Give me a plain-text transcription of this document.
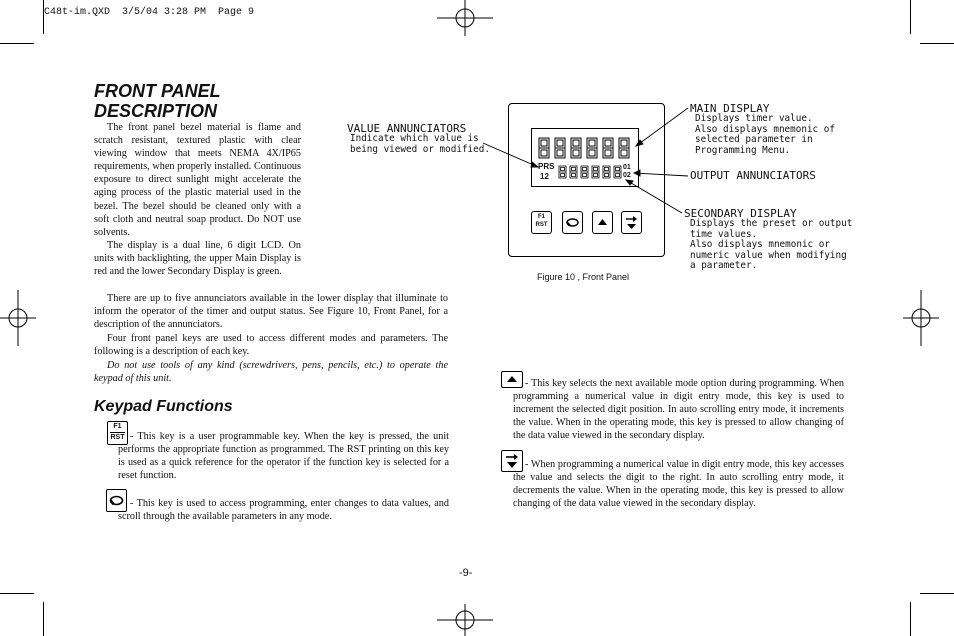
C48t-im.QXD  3/5/04 3:28 PM  Page 9
FRONT PANEL
DESCRIPTION

The front panel bezel material is flame and scratch resistant, textured plastic with clear viewing window that meets NEMA 4X/IP65 requirements, when properly installed. Continuous exposure to direct sunlight might accelerate the aging process of the plastic material used in the bezel. The bezel should be cleaned only with a soft cloth and neutral soap product. Do NOT use solvents.

The display is a dual line, 6 digit LCD. On units with backlighting, the upper Main Display is red and the lower Secondary Display is green.

There are up to five annunciators available in the lower display that illuminate to inform the operator of the timer and output status. See Figure 10, Front Panel, for a description of the annunciators.

Four front panel keys are used to access different modes and parameters. The following is a description of each key.

Do not use tools of any kind (screwdrivers, pens, pencils, etc.) to operate the keypad of this unit.

Keypad Functions
F1
RST - This key is a user programmable key. When the key is pressed, the unit performs the appropriate function as programmed. The RST printing on this key is used as a quick reference for the operator if the function key is selected for a reset function.

- This key is used to access programming, enter changes to data values, and scroll through the available parameters in any mode.

- This key selects the next available mode option during programming. When programming a numerical value in digit entry mode, this key is used to increment the selected digit position. In auto scrolling entry mode, it increments the value. When in the operating mode, this key is pressed to allow changing of the data value viewed in the secondary display.

- When programming a numerical value in digit entry mode, this key accesses the value and selects the digit to the right. In auto scrolling entry mode, it decrements the value. When in the operating mode, this key is pressed to allow changing of the data value viewed in the secondary display.

VALUE ANNUNCIATORS
Indicate which value is
being viewed or modified.
MAIN DISPLAY
Displays timer value.
Also displays mnemonic of
selected parameter in
Programming Menu.
OUTPUT ANNUNCIATORS
SECONDARY DISPLAY
Displays the preset or output
time values.
Also displays mnemonic or
numeric value when modifying
a parameter.
PRS
12
01
02
F1
RST
Figure 10 , Front Panel
-9-
